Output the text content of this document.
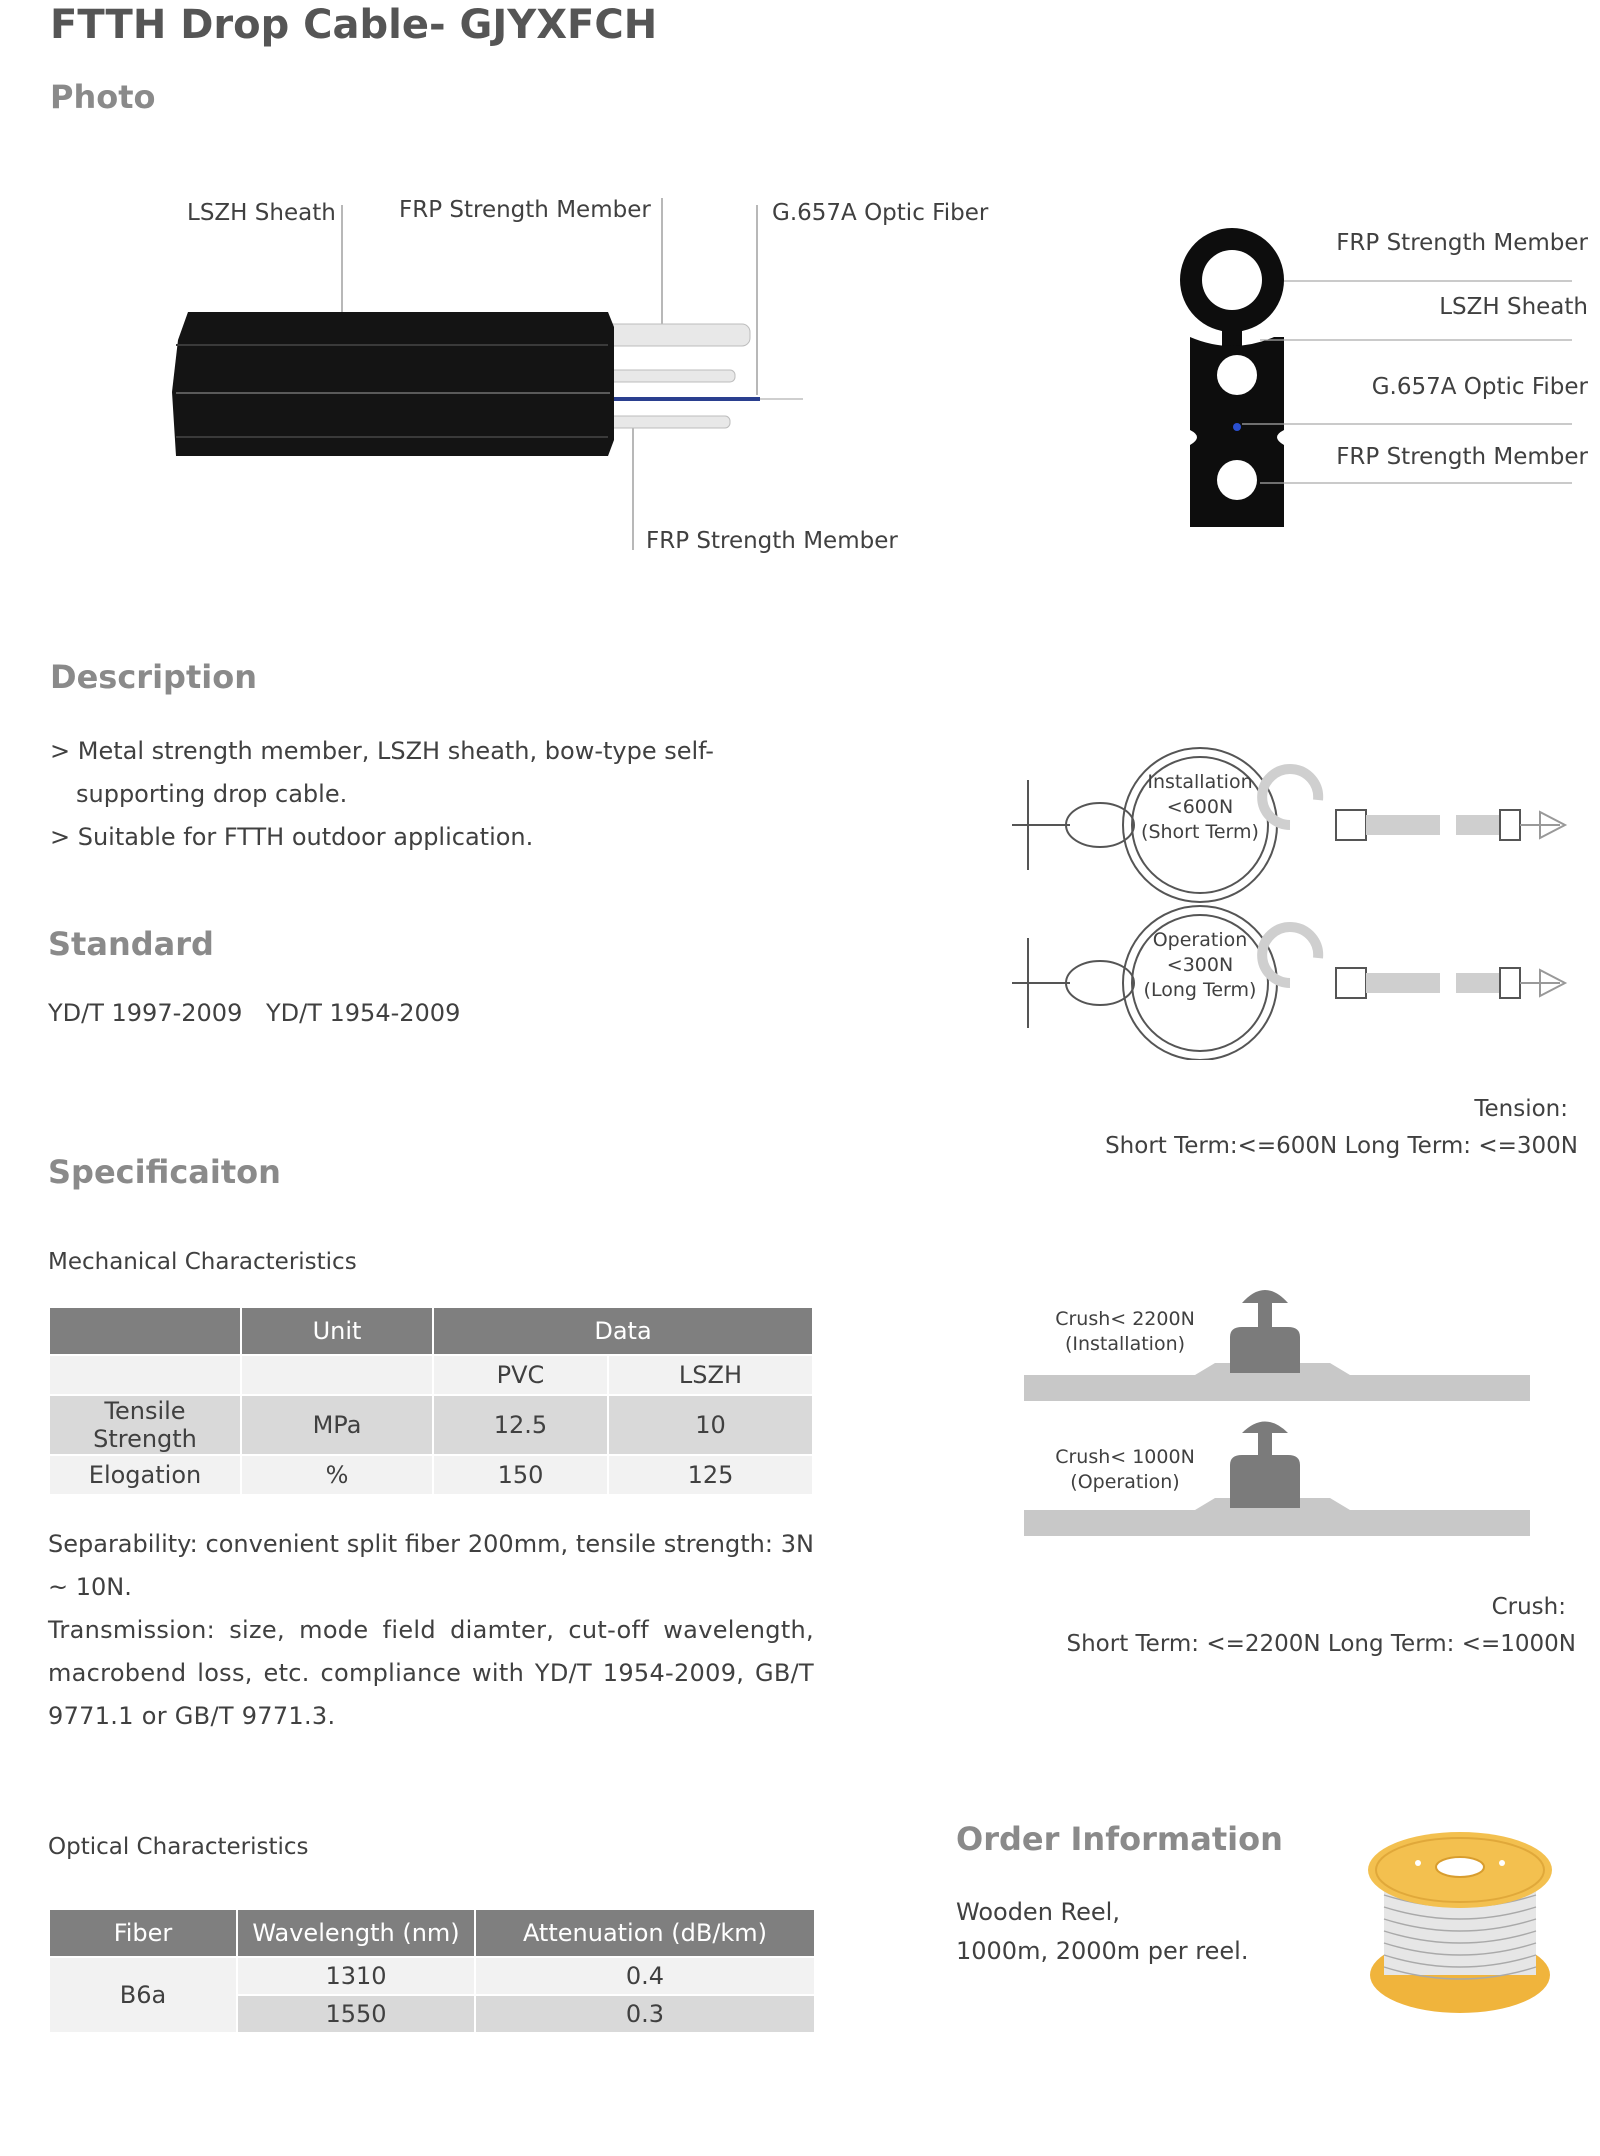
FTTH Drop Cable- GJYXFCH
Photo
LSZH Sheath	FRP Strength Member	G.657A Optic Fiber
FRP Strength Member
FRP Strength Member
LSZH Sheath
G.657A Optic Fiber
FRP Strength Member
Description
> Metal strength member, LSZH sheath, bow-type self-supporting drop cable.
> Suitable for FTTH outdoor application.
Standard
YD/T 1997-2009 YD/T 1954-2009
Installation
<600N
(Short Term)
Operation
<300N
(Long Term)
Tension:
Short Term:<=600N Long Term: <=300N
Specificaiton
Mechanical Characteristics
	Unit	Data	
		PVC	LSZH
Tensile Strength	MPa	12.5	10
Elogation	%	150	125
Separability: convenient split fiber 200mm, tensile strength: 3N ~ 10N.
Transmission: size, mode field diamter, cut-off wavelength, macrobend loss, etc. compliance with YD/T 1954-2009, GB/T 9771.1 or GB/T 9771.3.
Crush< 2200N
(Installation)
Crush< 1000N
(Operation)
Crush:
Short Term: <=2200N Long Term: <=1000N
Optical Characteristics
Fiber	Wavelength (nm)	Attenuation (dB/km)
B6a	1310	0.4
	1550	0.3
Order Information
Wooden Reel,
1000m, 2000m per reel.
